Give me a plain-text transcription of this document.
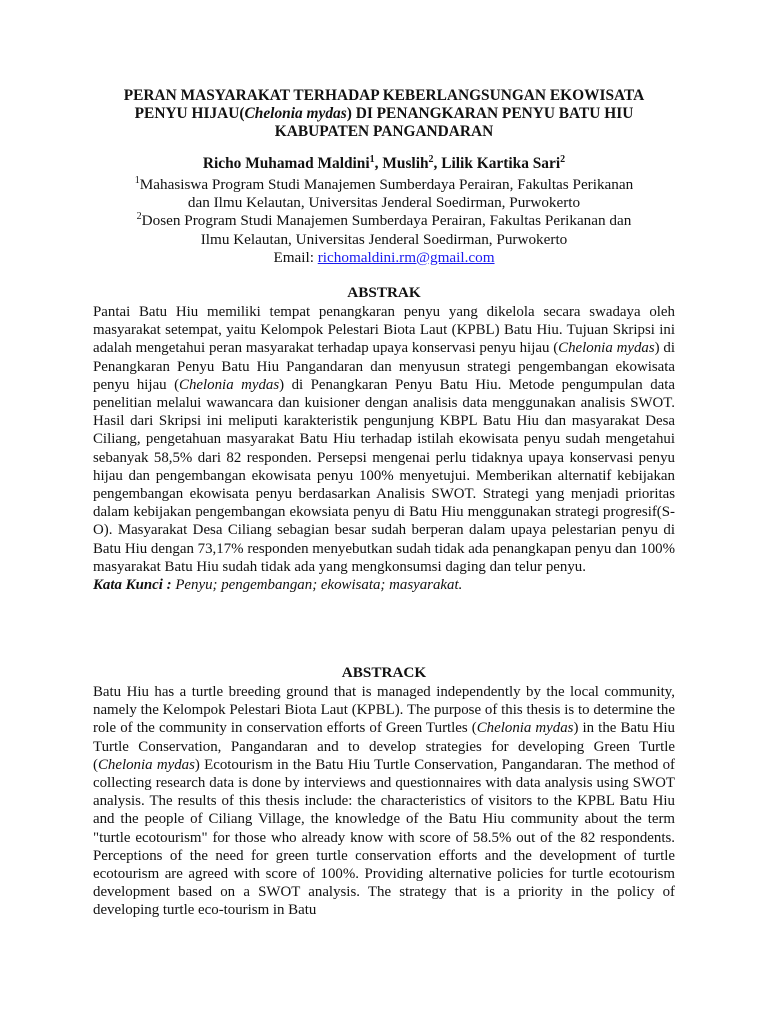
PERAN MASYARAKAT TERHADAP KEBERLANGSUNGAN EKOWISATA

PENYU HIJAU(Chelonia mydas) DI PENANGKARAN PENYU BATU HIU

KABUPATEN PANGANDARAN

Richo Muhamad Maldini$^1$, Muslih$^2$, Lilik Kartika Sari$^2$

$^1$Mahasiswa Program Studi Manajemen Sumberdaya Perairan, Fakultas Perikanan

dan Ilmu Kelautan, Universitas Jenderal Soedirman, Purwokerto

$^2$Dosen Program Studi Manajemen Sumberdaya Perairan, Fakultas Perikanan dan

Ilmu Kelautan, Universitas Jenderal Soedirman, Purwokerto

Email: richomaldini.rm@gmail.com

ABSTRAK

Pantai Batu Hiu memiliki tempat penangkaran penyu yang dikelola secara swadaya oleh masyarakat setempat, yaitu Kelompok Pelestari Biota Laut (KPBL) Batu Hiu. Tujuan Skripsi ini adalah mengetahui peran masyarakat terhadap upaya konservasi penyu hijau (Chelonia mydas) di Penangkaran Penyu Batu Hiu Pangandaran dan menyusun strategi pengembangan ekowisata penyu hijau (Chelonia mydas) di Penangkaran Penyu Batu Hiu. Metode pengumpulan data penelitian melalui wawancara dan kuisioner dengan analisis data menggunakan analisis SWOT. Hasil dari Skripsi ini meliputi karakteristik pengunjung KBPL Batu Hiu dan masyarakat Desa Ciliang, pengetahuan masyarakat Batu Hiu terhadap istilah ekowisata penyu sudah mengetahui sebanyak 58,5% dari 82 responden. Persepsi mengenai perlu tidaknya upaya konservasi penyu hijau dan pengembangan ekowisata penyu 100% menyetujui. Memberikan alternatif kebijakan pengembangan ekowisata penyu berdasarkan Analisis SWOT. Strategi yang menjadi prioritas dalam kebijakan pengembangan ekowsiata penyu di Batu Hiu menggunakan strategi progresif(S-O). Masyarakat Desa Ciliang sebagian besar sudah berperan dalam upaya pelestarian penyu di Batu Hiu dengan 73,17% responden menyebutkan sudah tidak ada penangkapan penyu dan 100% masyarakat Batu Hiu sudah tidak ada yang mengkonsumsi daging dan telur penyu.

Kata Kunci : Penyu; pengembangan; ekowisata; masyarakat.

ABSTRACK

Batu Hiu has a turtle breeding ground that is managed independently by the local community, namely the Kelompok Pelestari Biota Laut (KPBL). The purpose of this thesis is to determine the role of the community in conservation efforts of Green Turtles (Chelonia mydas) in the Batu Hiu Turtle Conservation, Pangandaran and to develop strategies for developing Green Turtle (Chelonia mydas) Ecotourism in the Batu Hiu Turtle Conservation, Pangandaran. The method of collecting research data is done by interviews and questionnaires with data analysis using SWOT analysis. The results of this thesis include: the characteristics of visitors to the KPBL Batu Hiu and the people of Ciliang Village, the knowledge of the Batu Hiu community about the term "turtle ecotourism" for those who already know with score of 58.5% out of the 82 respondents. Perceptions of the need for green turtle conservation efforts and the development of turtle ecotourism are agreed with score of 100%. Providing alternative policies for turtle ecotourism development based on a SWOT analysis. The strategy that is a priority in the policy of developing turtle eco-tourism in Batu
